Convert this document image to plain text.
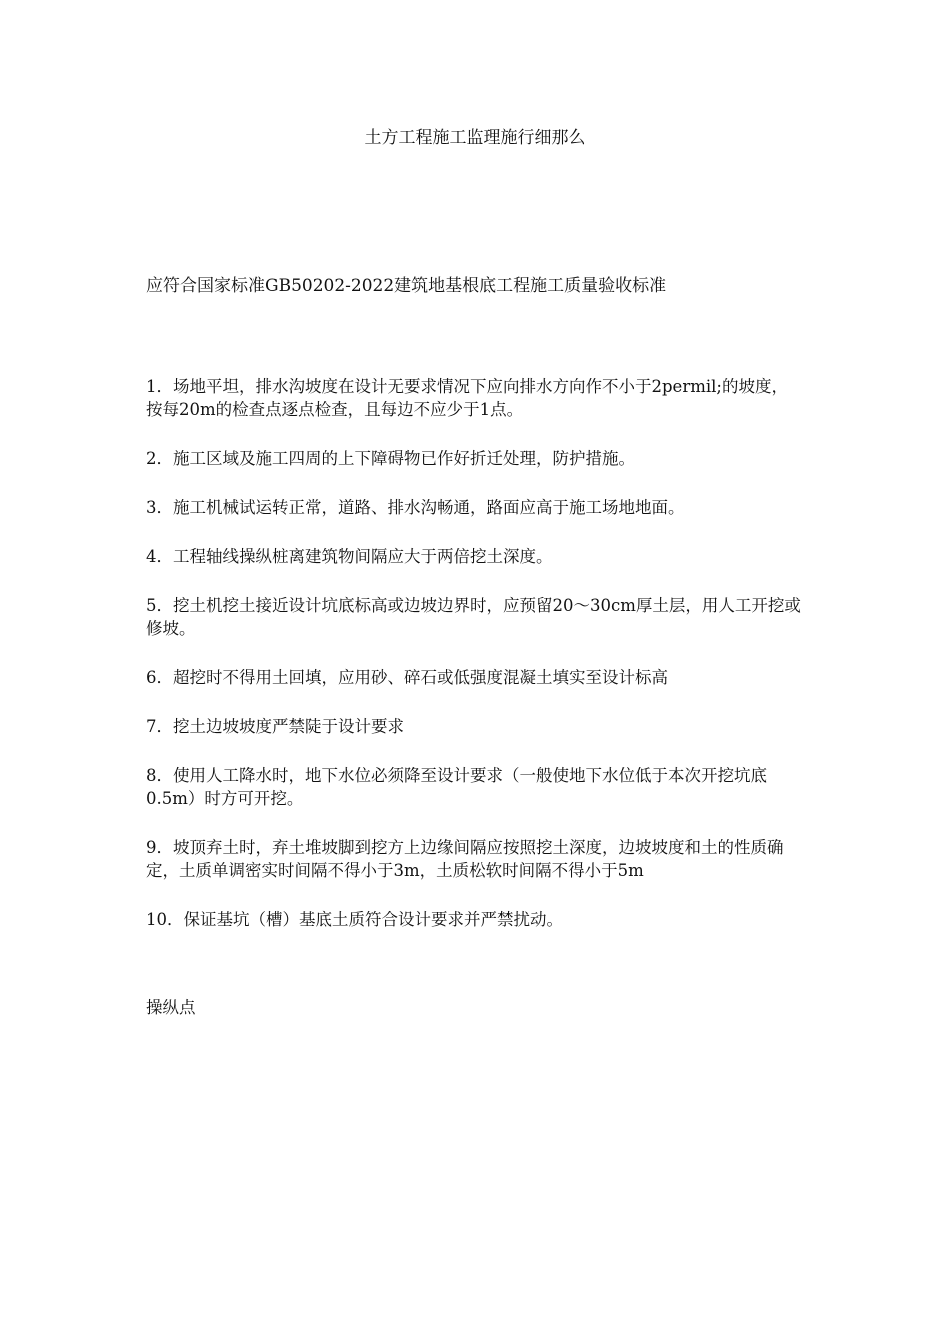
土方工程施工监理施行细那么
应符合国家标准GB50202-2022建筑地基根底工程施工质量验收标准

1．场地平坦，排水沟坡度在设计无要求情况下应向排水方向作不小于2permil;的坡度，按每20m的检查点逐点检查，且每边不应少于1点。

2．施工区域及施工四周的上下障碍物已作好折迁处理，防护措施。

3．施工机械试运转正常，道路、排水沟畅通，路面应高于施工场地地面。

4．工程轴线操纵桩离建筑物间隔应大于两倍挖土深度。

5．挖土机挖土接近设计坑底标高或边坡边界时，应预留20～30cm厚土层，用人工开挖或修坡。

6．超挖时不得用土回填，应用砂、碎石或低强度混凝土填实至设计标高

7．挖土边坡坡度严禁陡于设计要求

8．使用人工降水时，地下水位必须降至设计要求（一般使地下水位低于本次开挖坑底0.5m）时方可开挖。

9．坡顶弃土时，弃土堆坡脚到挖方上边缘间隔应按照挖土深度，边坡坡度和土的性质确定，土质单调密实时间隔不得小于3m，土质松软时间隔不得小于5m

10．保证基坑（槽）基底土质符合设计要求并严禁扰动。

操纵点
